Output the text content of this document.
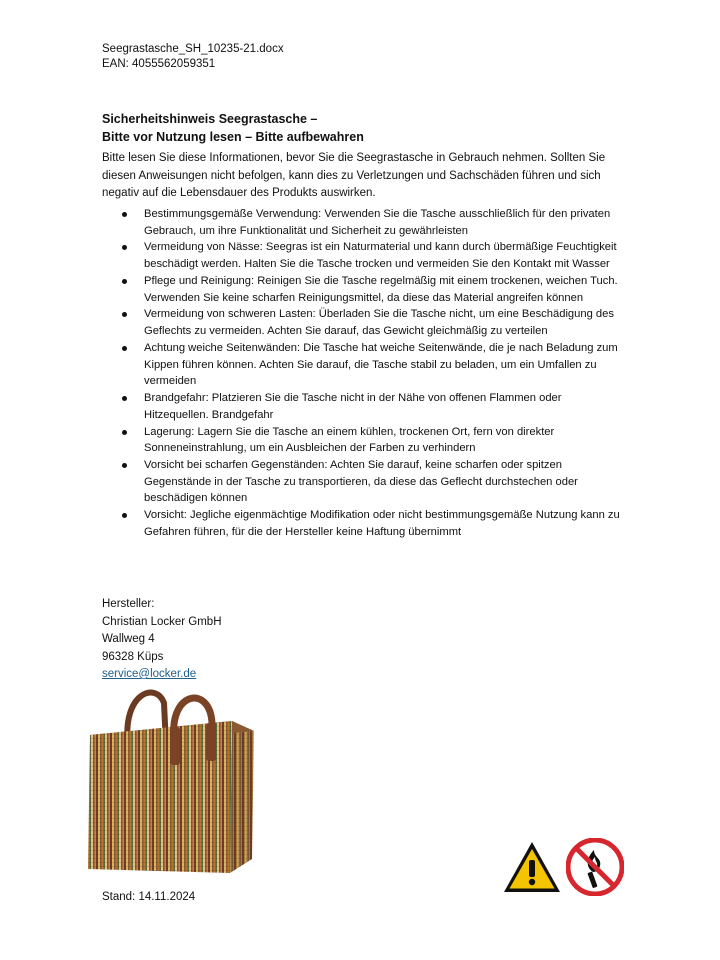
Seegrastasche_SH_10235-21.docx
EAN: 4055562059351
Sicherheitshinweis Seegrastasche –
Bitte vor Nutzung lesen – Bitte aufbewahren
Bitte lesen Sie diese Informationen, bevor Sie die Seegrastasche in Gebrauch nehmen. Sollten Sie diesen Anweisungen nicht befolgen, kann dies zu Verletzungen und Sachschäden führen und sich negativ auf die Lebensdauer des Produkts auswirken.
Bestimmungsgemäße Verwendung: Verwenden Sie die Tasche ausschließlich für den privaten Gebrauch, um ihre Funktionalität und Sicherheit zu gewährleisten
Vermeidung von Nässe: Seegras ist ein Naturmaterial und kann durch übermäßige Feuchtigkeit beschädigt werden. Halten Sie die Tasche trocken und vermeiden Sie den Kontakt mit Wasser
Pflege und Reinigung: Reinigen Sie die Tasche regelmäßig mit einem trockenen, weichen Tuch. Verwenden Sie keine scharfen Reinigungsmittel, da diese das Material angreifen können
Vermeidung von schweren Lasten: Überladen Sie die Tasche nicht, um eine Beschädigung des Geflechts zu vermeiden. Achten Sie darauf, das Gewicht gleichmäßig zu verteilen
Achtung weiche Seitenwänden: Die Tasche hat weiche Seitenwände, die je nach Beladung zum Kippen führen können. Achten Sie darauf, die Tasche stabil zu beladen, um ein Umfallen zu vermeiden
Brandgefahr: Platzieren Sie die Tasche nicht in der Nähe von offenen Flammen oder Hitzequellen. Brandgefahr
Lagerung: Lagern Sie die Tasche an einem kühlen, trockenen Ort, fern von direkter Sonneneinstrahlung, um ein Ausbleichen der Farben zu verhindern
Vorsicht bei scharfen Gegenständen: Achten Sie darauf, keine scharfen oder spitzen Gegenstände in der Tasche zu transportieren, da diese das Geflecht durchstechen oder beschädigen können
Vorsicht: Jegliche eigenmächtige Modifikation oder nicht bestimmungsgemäße Nutzung kann zu Gefahren führen, für die der Hersteller keine Haftung übernimmt
Hersteller:
Christian Locker GmbH
Wallweg 4
96328 Küps
service@locker.de
Stand: 14.11.2024
